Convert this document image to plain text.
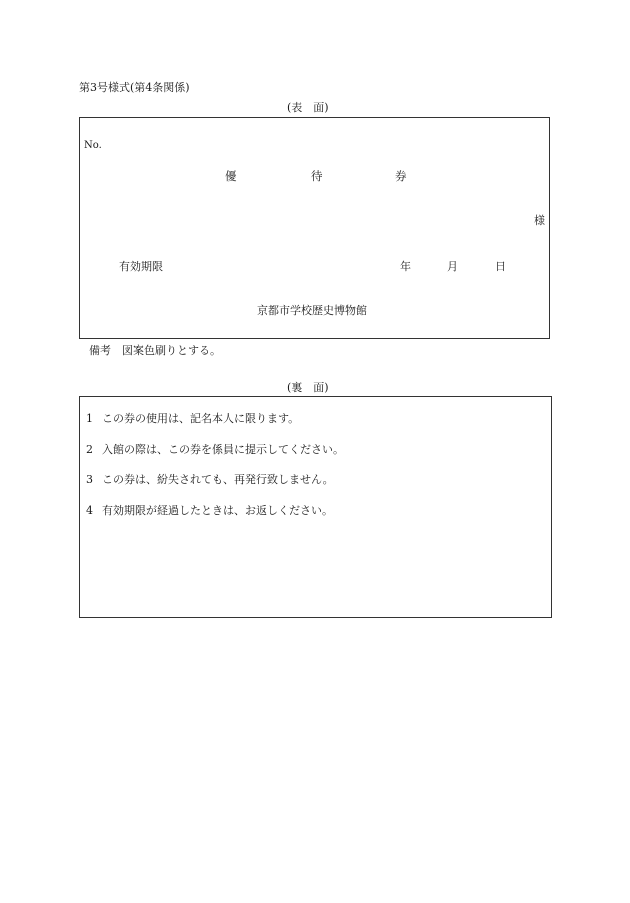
第3号様式(第4条関係)
(表　面)
No.
優	待	券
様
有効期限	年	月	日
京都市学校歴史博物館
備考　図案色刷りとする。
(裏　面)
1 この券の使用は、記名本人に限ります。
2 入館の際は、この券を係員に提示してください。
3 この券は、紛失されても、再発行致しません。
4 有効期限が経過したときは、お返しください。
